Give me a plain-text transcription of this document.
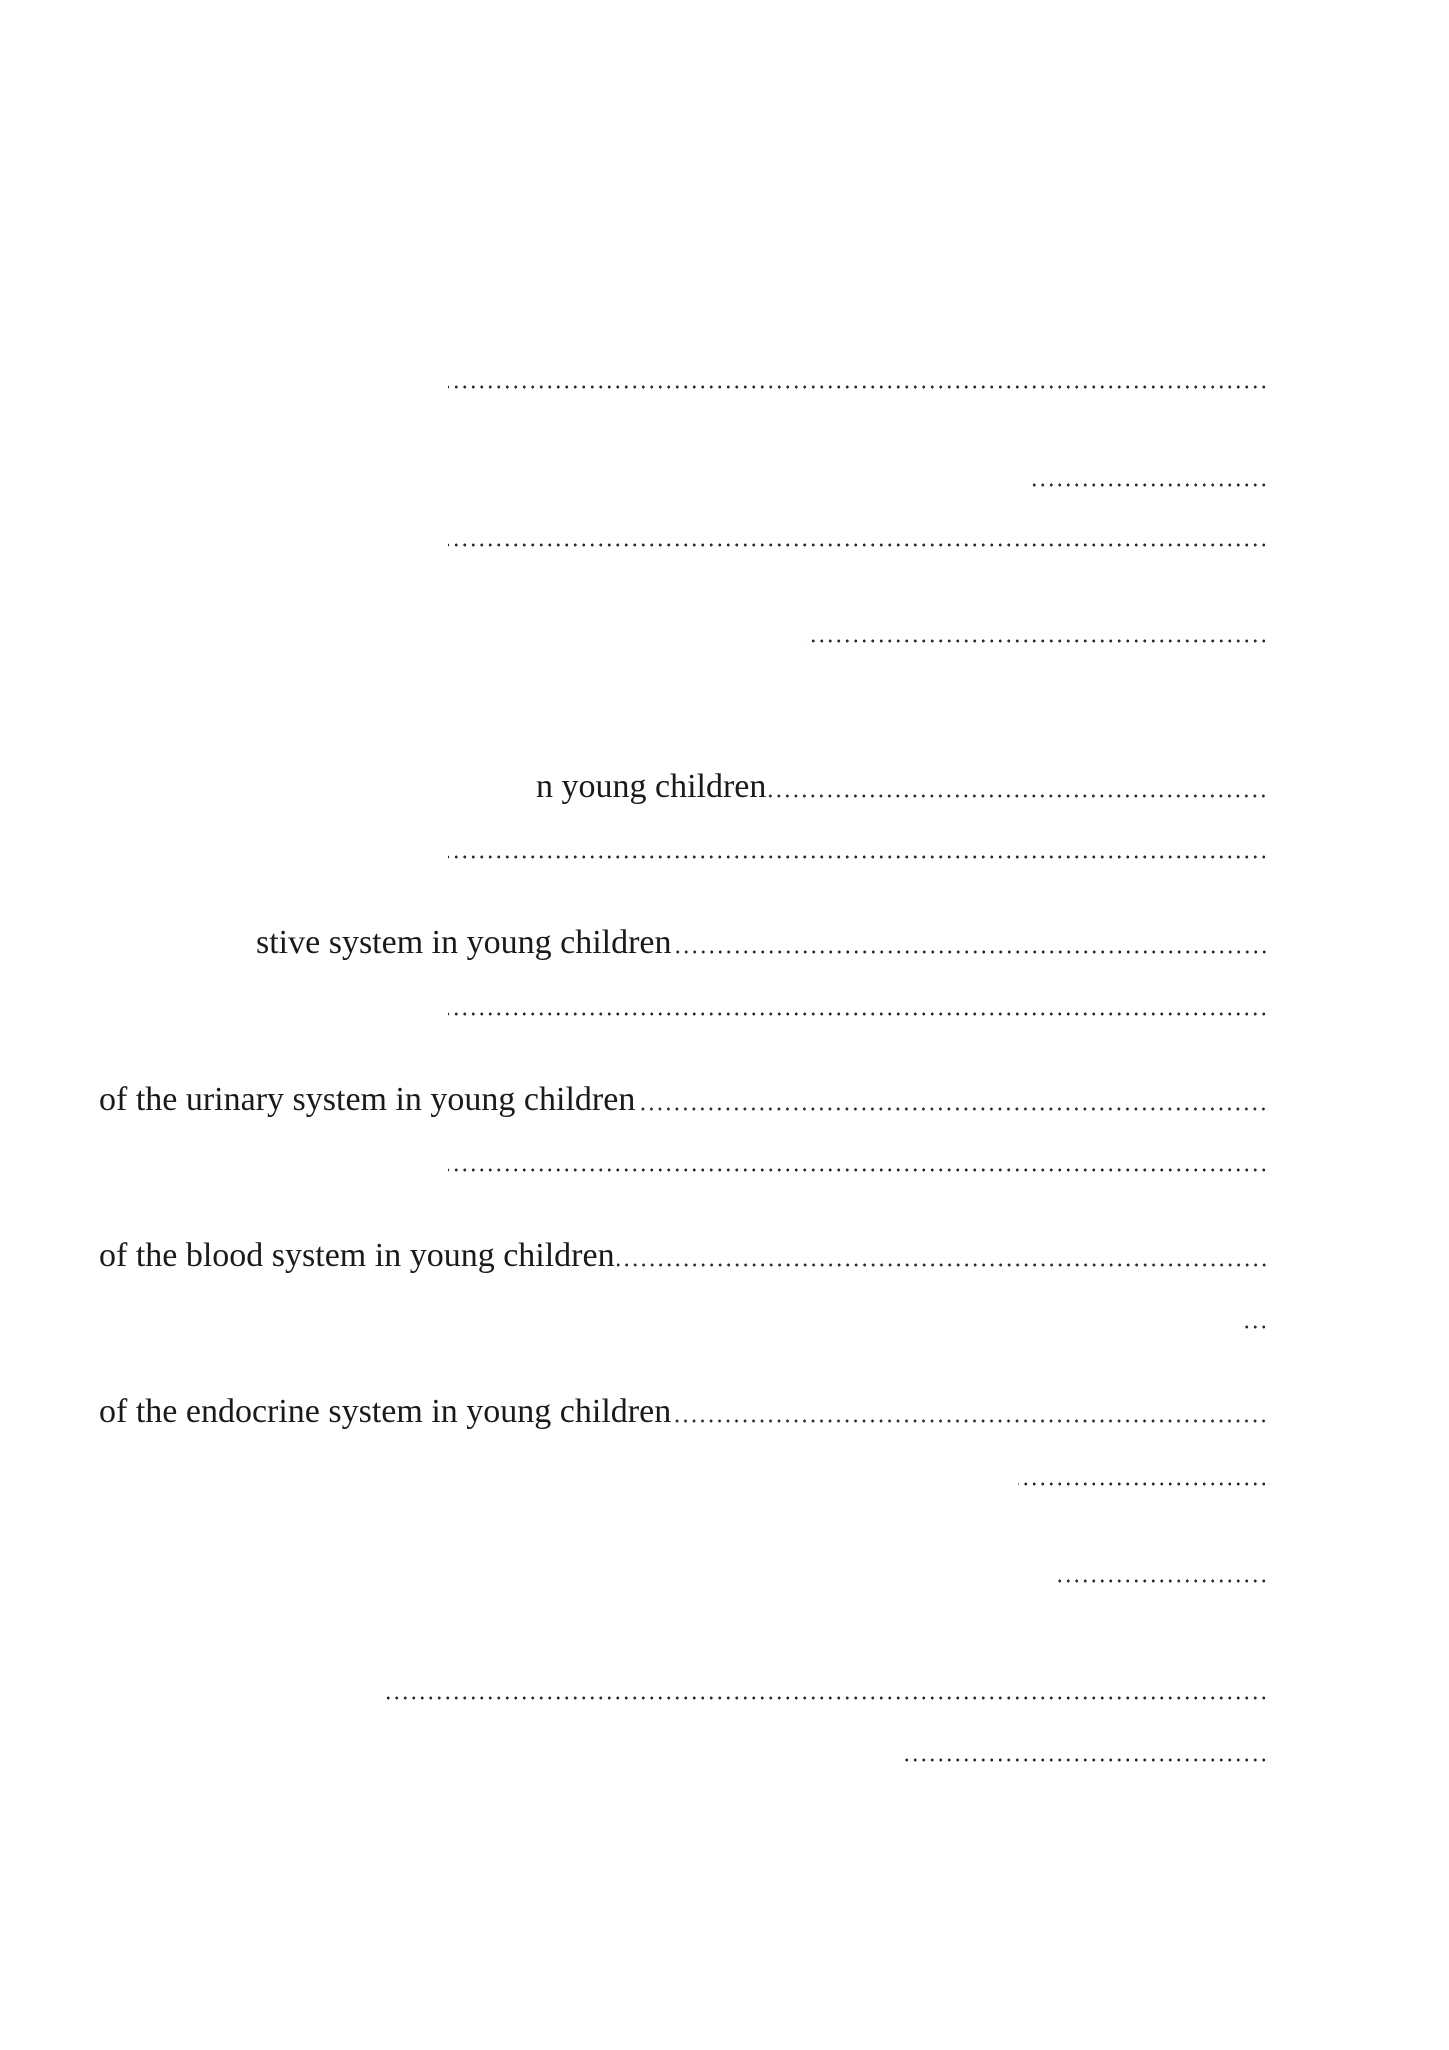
n young children
stive system in young children
of the urinary system in young children
of the blood system in young children
of the endocrine system in young children
